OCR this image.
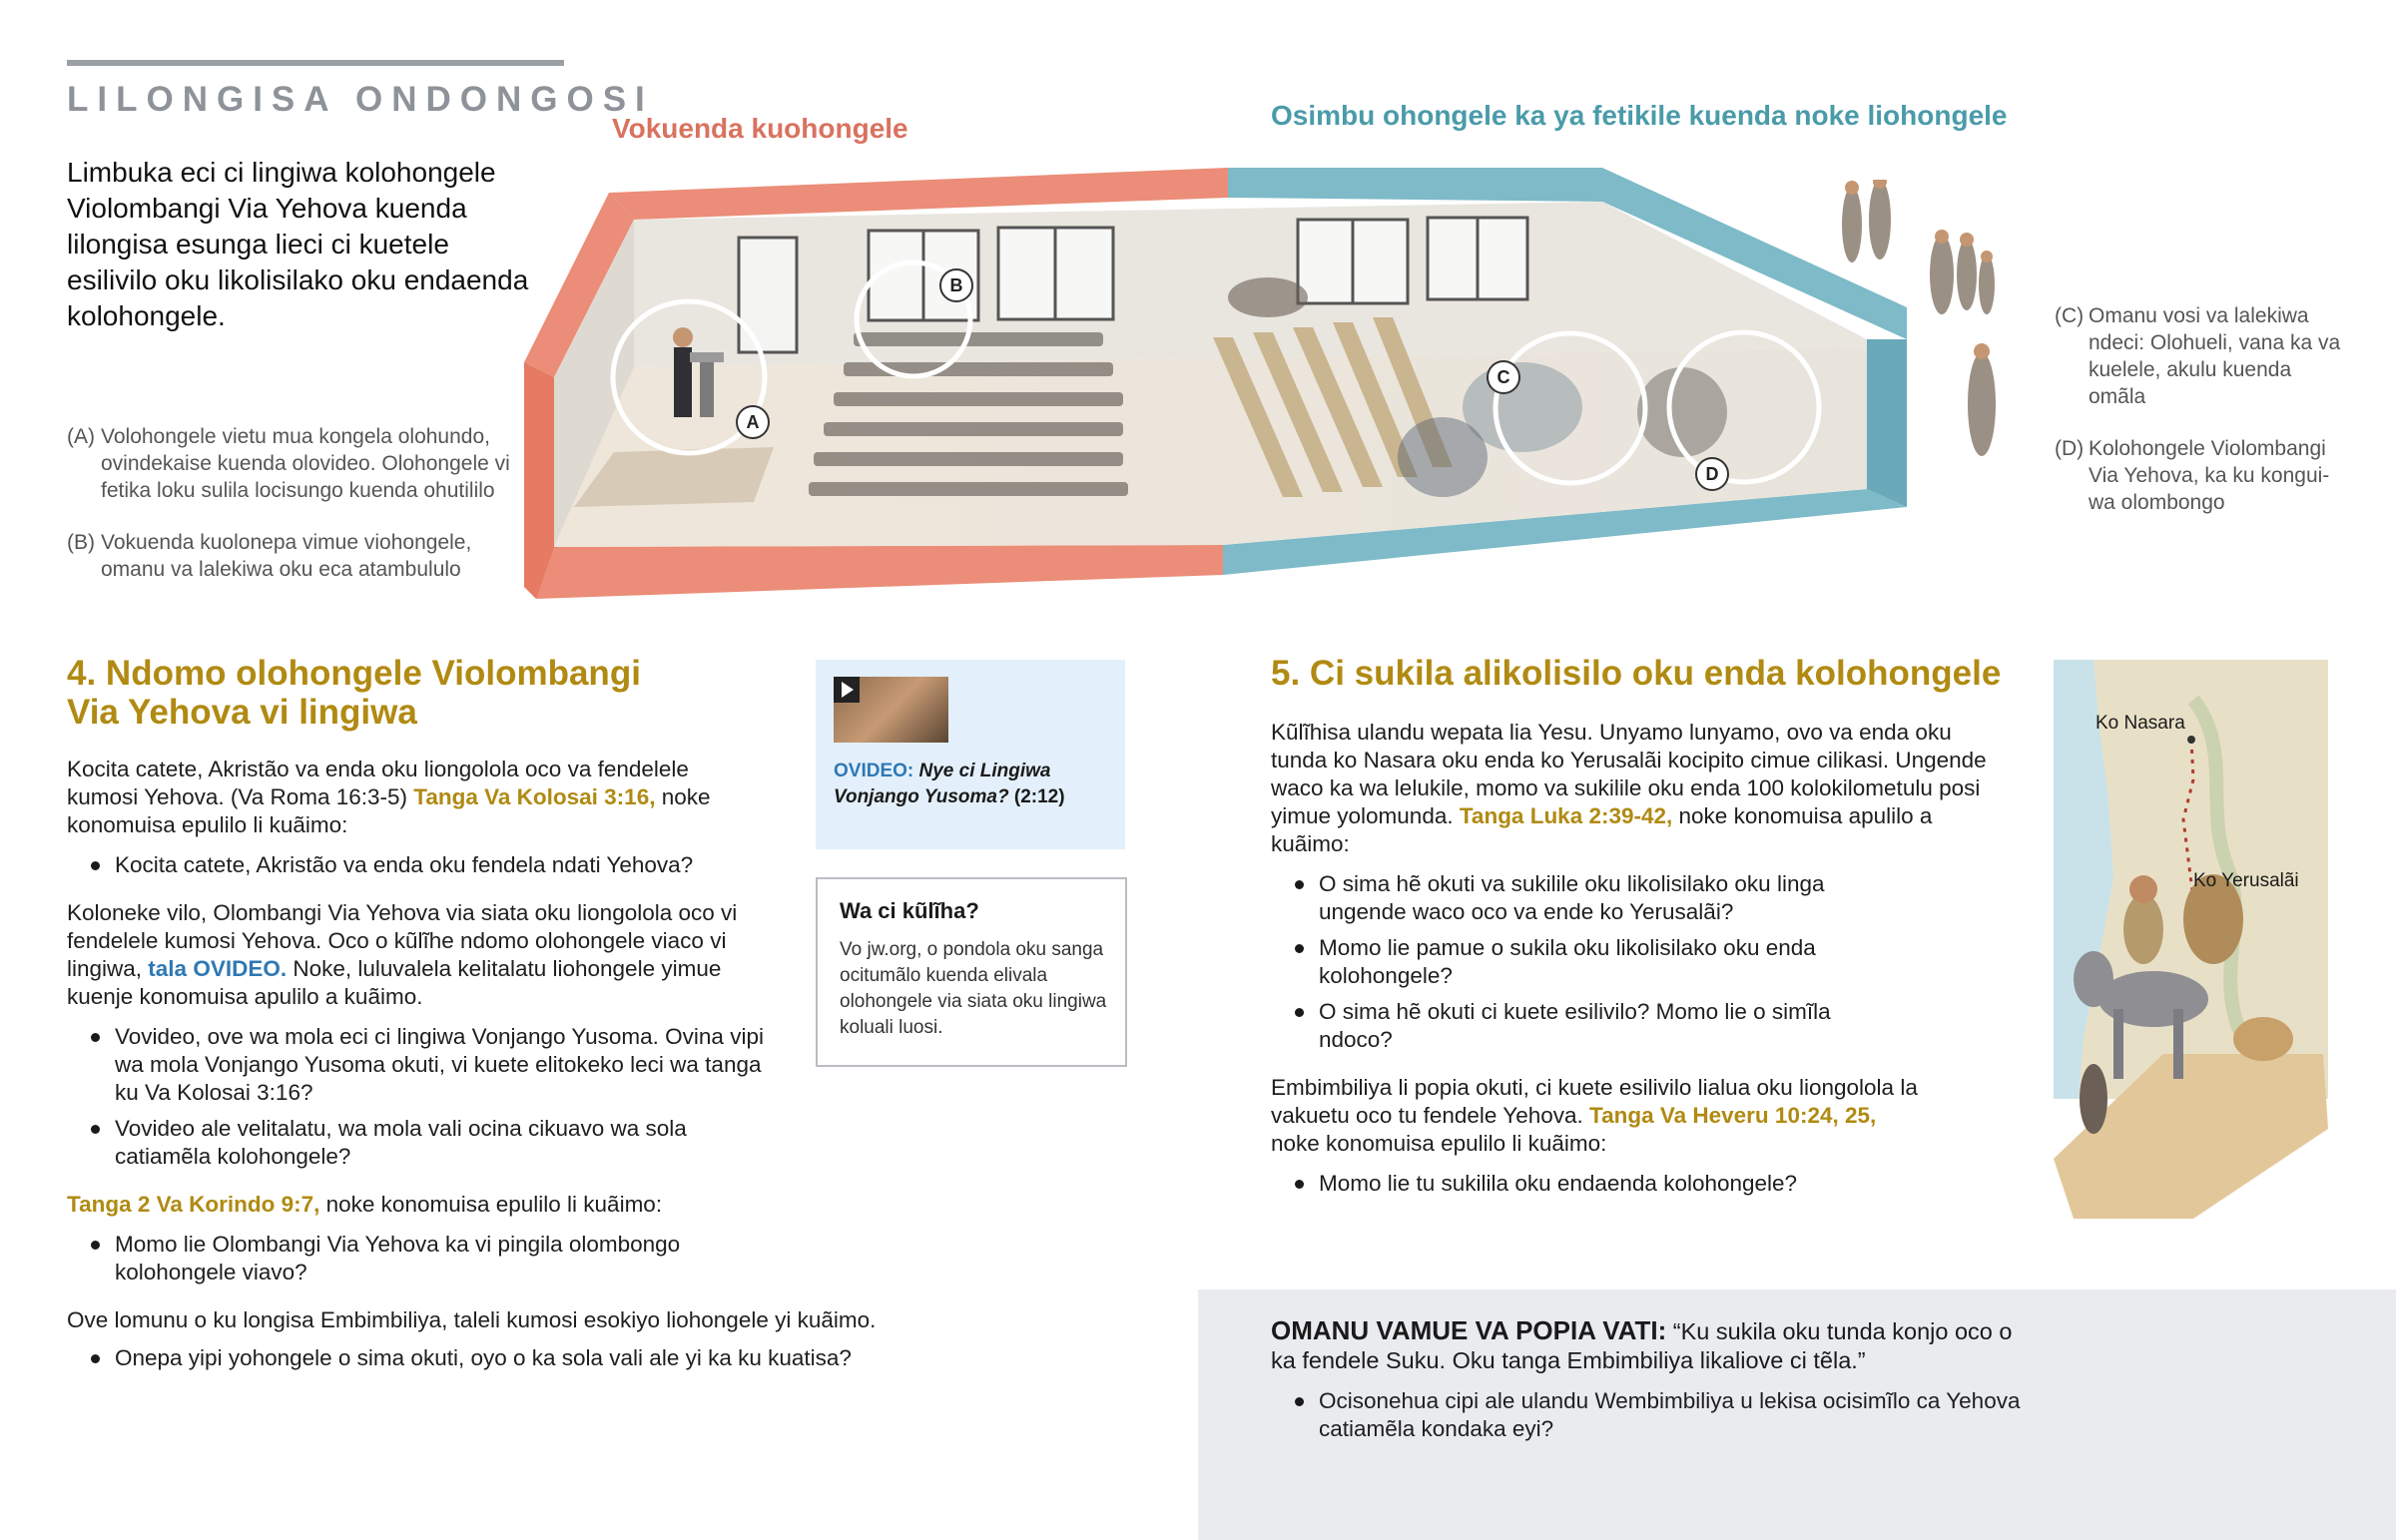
LILONGISA ONDONGOSI
Limbuka eci ci lingiwa kolohongele Violombangi Via Yehova kuenda lilongisa esunga lieci ci kuetele esilivilo oku likolisilako oku endaenda kolohongele.
(A) Volohongele vietu mua kongela olohundo, ovindekaise kuenda olovideo. Olohongele vi fetika loku sulila locisungo kuenda ohutililo
(B) Vokuenda kuolonepa vimue viohongele, omanu va lalekiwa oku eca atambululo
(C) Omanu vosi va lalekiwa ndeci: Olohueli, vana ka va kuelele, akulu kuenda omãla
(D) Kolohongele Violombangi Via Yehova, ka ku kongui-wa olombongo
Vokuenda kuohongele	Osimbu ohongele ka ya fetikile kuenda noke liohongele
A
B
C
D
4. Ndomo olohongele Violombangi
Via Yehova vi lingiwa

Kocita catete, Akristão va enda oku liongolola oco va fendelele kumosi Yehova. (Va Roma 16:3-5) Tanga Va Kolosai 3:16, noke konomuisa epulilo li kuãimo:

Kocita catete, Akristão va enda oku fendela ndati Yehova?

Koloneke vilo, Olombangi Via Yehova via siata oku liongolola oco vi fendelele kumosi Yehova. Oco o kũlĩhe ndomo olohongele viaco vi lingiwa, tala OVIDEO. Noke, luluvalela kelitalatu liohongele yimue kuenje konomuisa apulilo a kuãimo.

Vovideo, ove wa mola eci ci lingiwa Vonjango Yusoma. Ovina vipi wa mola Vonjango Yusoma okuti, vi kuete elitokeko leci wa tanga ku Va Kolosai 3:16?
Vovideo ale velitalatu, wa mola vali ocina cikuavo wa sola catiamẽla kolohongele?

Tanga 2 Va Korindo 9:7, noke konomuisa epulilo li kuãimo:

Momo lie Olombangi Via Yehova ka vi pingila olombongo kolohongele viavo?

Ove lomunu o ku longisa Embimbiliya, taleli kumosi esokiyo liohongele yi kuãimo.

Onepa yipi yohongele o sima okuti, oyo o ka sola vali ale yi ka ku kuatisa?
OVIDEO: Nye ci Lingiwa Vonjango Yusoma? (2:12)
Wa ci kũlĩha?
Vo jw.org, o pondola oku sanga ocitumãlo kuenda elivala olohongele via siata oku lingiwa koluali luosi.
5. Ci sukila alikolisilo oku enda kolohongele

Kũlĩhisa ulandu wepata lia Yesu. Unyamo lunyamo, ovo va enda oku tunda ko Nasara oku enda ko Yerusalãi kocipito cimue cilikasi. Ungende waco ka wa lelukile, momo va sukilile oku enda 100 kolokilometulu posi yimue yolomunda. Tanga Luka 2:39-42, noke konomuisa apulilo a kuãimo:

O sima hẽ okuti va sukilile oku likolisilako oku linga ungende waco oco va ende ko Yerusalãi?
Momo lie pamue o sukila oku likolisilako oku enda kolohongele?
O sima hẽ okuti ci kuete esilivilo? Momo lie o simĩla ndoco?

Embimbiliya li popia okuti, ci kuete esilivilo lialua oku liongolola la vakuetu oco tu fendele Yehova. Tanga Va Heveru 10:24, 25, noke konomuisa epulilo li kuãimo:

Momo lie tu sukilila oku endaenda kolohongele?
Ko Nasara
Ko Yerusalãi
OMANU VAMUE VA POPIA VATI: “Ku sukila oku tunda konjo oco o ka fendele Suku. Oku tanga Embimbiliya likaliove ci tẽla.”
Ocisonehua cipi ale ulandu Wembimbiliya u lekisa ocisimĩlo ca Yehova catiamẽla kondaka eyi?
